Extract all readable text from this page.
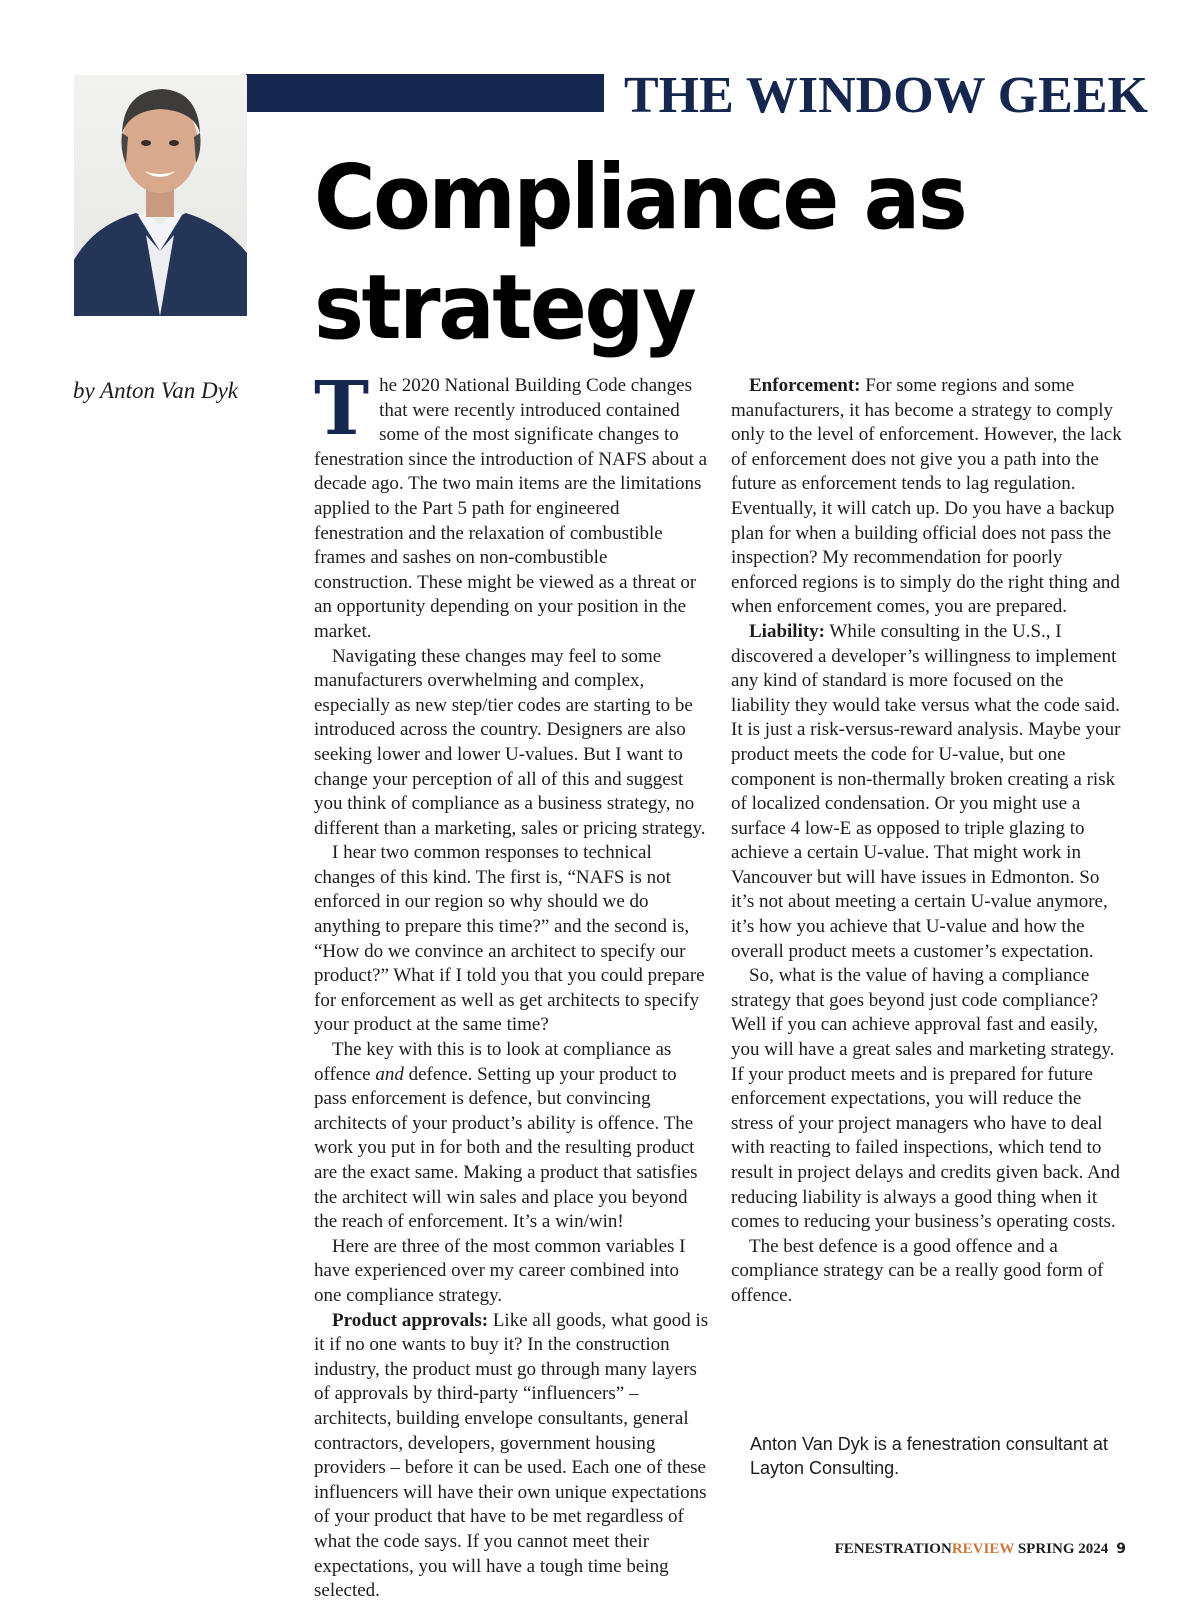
THE WINDOW GEEK
Compliance as strategy

by Anton Van Dyk The 2020 National Building Code changes that were recently introduced contained some of the most significate changes to fenestration since the introduction of NAFS about a decade ago. The two main items are the limitations applied to the Part 5 path for engineered fenestration and the relaxation of combustible frames and sashes on non-combustible construction. These might be viewed as a threat or an opportunity depending on your position in the market.

Navigating these changes may feel to some manufacturers overwhelming and complex, especially as new step/tier codes are starting to be introduced across the country. Designers are also seeking lower and lower U-values. But I want to change your perception of all of this and suggest you think of compliance as a business strategy, no different than a marketing, sales or pricing strategy.

I hear two common responses to technical changes of this kind. The first is, “NAFS is not enforced in our region so why should we do anything to prepare this time?” and the second is, “How do we convince an architect to specify our product?” What if I told you that you could prepare for enforcement as well as get architects to specify your product at the same time?

The key with this is to look at compliance as offence and defence. Setting up your product to pass enforcement is defence, but convincing architects of your product’s ability is offence. The work you put in for both and the resulting product are the exact same. Making a product that satisfies the architect will win sales and place you beyond the reach of enforcement. It’s a win/win!

Here are three of the most common variables I have experienced over my career combined into one compliance strategy.

Product approvals: Like all goods, what good is it if no one wants to buy it? In the construction industry, the product must go through many layers of approvals by third-party “influencers” – architects, building envelope consultants, general contractors, developers, government housing providers – before it can be used. Each one of these influencers will have their own unique expectations of your product that have to be met regardless of what the code says. If you cannot meet their expectations, you will have a tough time being selected.

Enforcement: For some regions and some manufacturers, it has become a strategy to comply only to the level of enforcement. However, the lack of enforcement does not give you a path into the future as enforcement tends to lag regulation. Eventually, it will catch up. Do you have a backup plan for when a building official does not pass the inspection? My recommendation for poorly enforced regions is to simply do the right thing and when enforcement comes, you are prepared.

Liability: While consulting in the U.S., I discovered a developer’s willingness to implement any kind of standard is more focused on the liability they would take versus what the code said. It is just a risk-versus-reward analysis. Maybe your product meets the code for U-value, but one component is non-thermally broken creating a risk of localized condensation. Or you might use a surface 4 low-E as opposed to triple glazing to achieve a certain U-value. That might work in Vancouver but will have issues in Edmonton. So it’s not about meeting a certain U-value anymore, it’s how you achieve that U-value and how the overall product meets a customer’s expectation.

So, what is the value of having a compliance strategy that goes beyond just code compliance? Well if you can achieve approval fast and easily, you will have a great sales and marketing strategy. If your product meets and is prepared for future enforcement expectations, you will reduce the stress of your project managers who have to deal with reacting to failed inspections, which tend to result in project delays and credits given back. And reducing liability is always a good thing when it comes to reducing your business’s operating costs.

The best defence is a good offence and a compliance strategy can be a really good form of offence.

Anton Van Dyk is a fenestration consultant at Layton Consulting.

FENESTRATIONREVIEW SPRING 2024 9
